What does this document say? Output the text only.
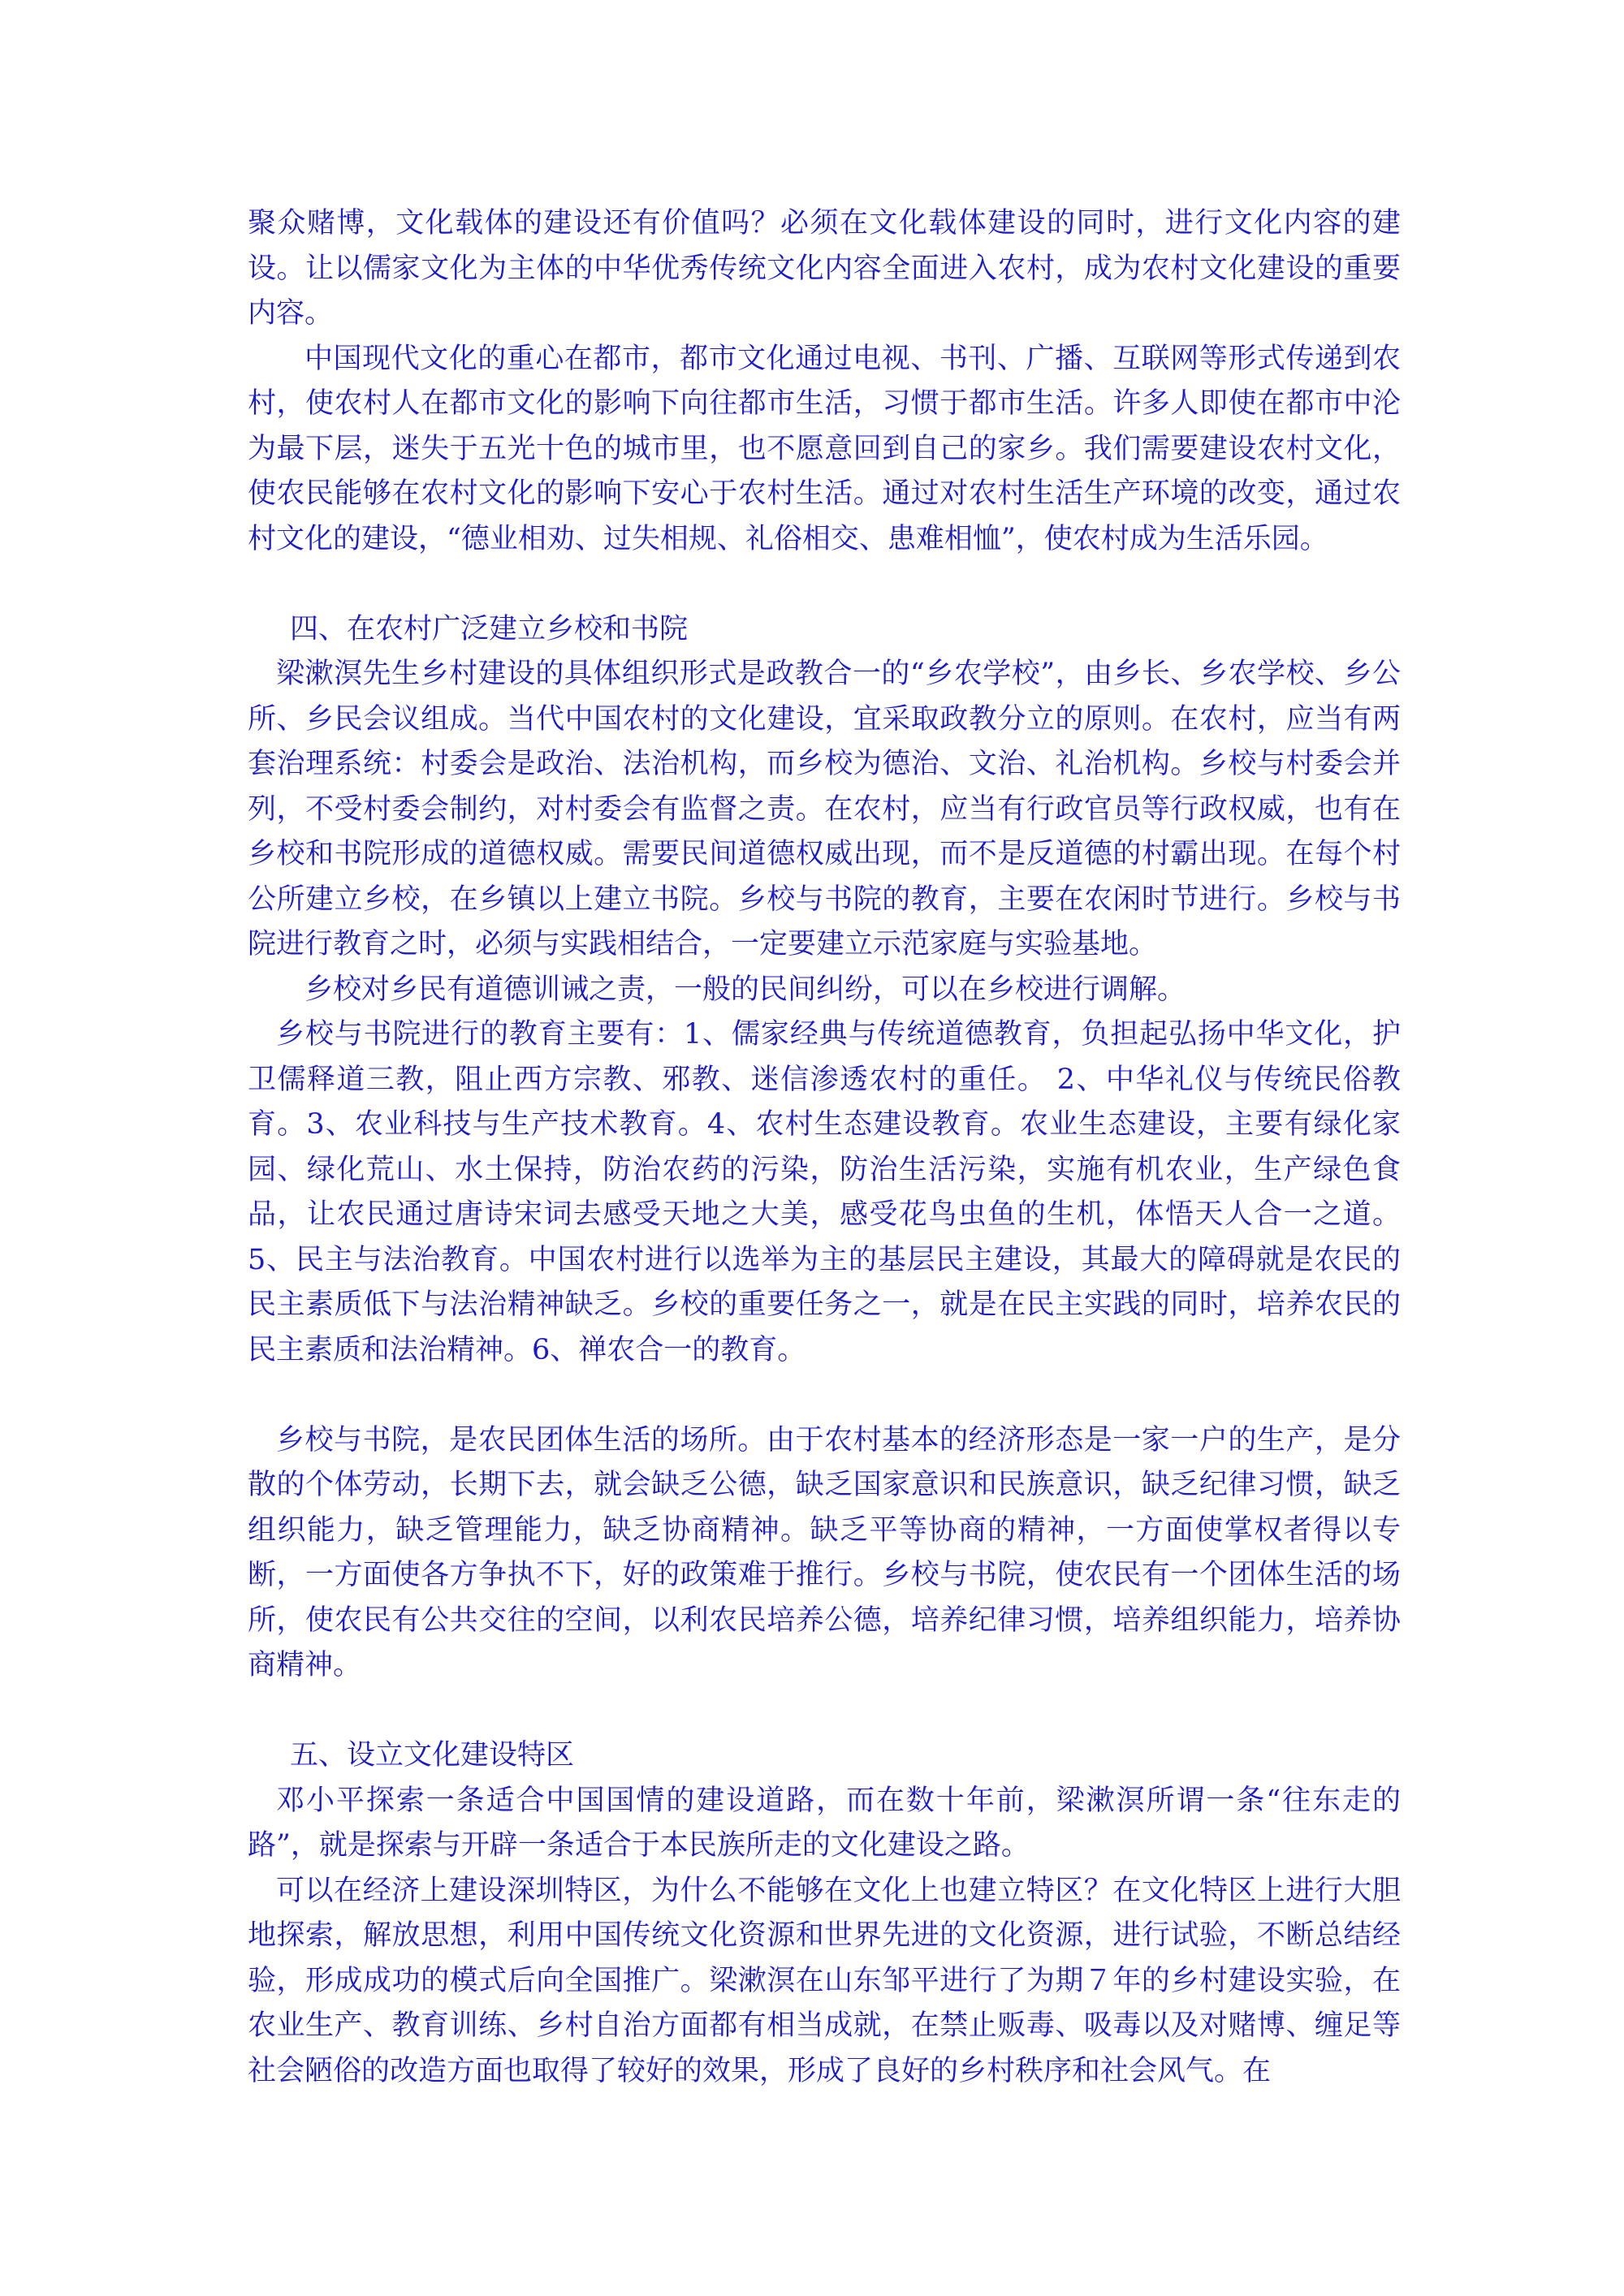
聚众赌博，文化载体的建设还有价值吗？必须在文化载体建设的同时，进行文化内容的建设。让以儒家文化为主体的中华优秀传统文化内容全面进入农村，成为农村文化建设的重要内容。

中国现代文化的重心在都市，都市文化通过电视、书刊、广播、互联网等形式传递到农村，使农村人在都市文化的影响下向往都市生活，习惯于都市生活。许多人即使在都市中沦为最下层，迷失于五光十色的城市里，也不愿意回到自己的家乡。我们需要建设农村文化，使农民能够在农村文化的影响下安心于农村生活。通过对农村生活生产环境的改变，通过农村文化的建设，“德业相劝、过失相规、礼俗相交、患难相恤”，使农村成为生活乐园。

四、在农村广泛建立乡校和书院

梁漱溟先生乡村建设的具体组织形式是政教合一的“乡农学校”，由乡长、乡农学校、乡公所、乡民会议组成。当代中国农村的文化建设，宜采取政教分立的原则。在农村，应当有两套治理系统：村委会是政治、法治机构，而乡校为德治、文治、礼治机构。乡校与村委会并列，不受村委会制约，对村委会有监督之责。在农村，应当有行政官员等行政权威，也有在乡校和书院形成的道德权威。需要民间道德权威出现，而不是反道德的村霸出现。在每个村公所建立乡校，在乡镇以上建立书院。乡校与书院的教育，主要在农闲时节进行。乡校与书院进行教育之时，必须与实践相结合，一定要建立示范家庭与实验基地。

乡校对乡民有道德训诫之责，一般的民间纠纷，可以在乡校进行调解。

乡校与书院进行的教育主要有：1、儒家经典与传统道德教育，负担起弘扬中华文化，护卫儒释道三教，阻止西方宗教、邪教、迷信渗透农村的重任。 2、中华礼仪与传统民俗教育。3、农业科技与生产技术教育。4、农村生态建设教育。农业生态建设，主要有绿化家园、绿化荒山、水土保持，防治农药的污染，防治生活污染，实施有机农业，生产绿色食品，让农民通过唐诗宋词去感受天地之大美，感受花鸟虫鱼的生机，体悟天人合一之道。5、民主与法治教育。中国农村进行以选举为主的基层民主建设，其最大的障碍就是农民的民主素质低下与法治精神缺乏。乡校的重要任务之一，就是在民主实践的同时，培养农民的民主素质和法治精神。6、禅农合一的教育。

乡校与书院，是农民团体生活的场所。由于农村基本的经济形态是一家一户的生产，是分散的个体劳动，长期下去，就会缺乏公德，缺乏国家意识和民族意识，缺乏纪律习惯，缺乏组织能力，缺乏管理能力，缺乏协商精神。缺乏平等协商的精神，一方面使掌权者得以专断，一方面使各方争执不下，好的政策难于推行。乡校与书院，使农民有一个团体生活的场所，使农民有公共交往的空间，以利农民培养公德，培养纪律习惯，培养组织能力，培养协商精神。

五、设立文化建设特区

邓小平探索一条适合中国国情的建设道路，而在数十年前，梁漱溟所谓一条“往东走的路”，就是探索与开辟一条适合于本民族所走的文化建设之路。

可以在经济上建设深圳特区，为什么不能够在文化上也建立特区？在文化特区上进行大胆地探索，解放思想，利用中国传统文化资源和世界先进的文化资源，进行试验，不断总结经验，形成成功的模式后向全国推广。梁漱溟在山东邹平进行了为期７年的乡村建设实验，在农业生产、教育训练、乡村自治方面都有相当成就，在禁止贩毒、吸毒以及对赌博、缠足等社会陋俗的改造方面也取得了较好的效果，形成了良好的乡村秩序和社会风气。在
